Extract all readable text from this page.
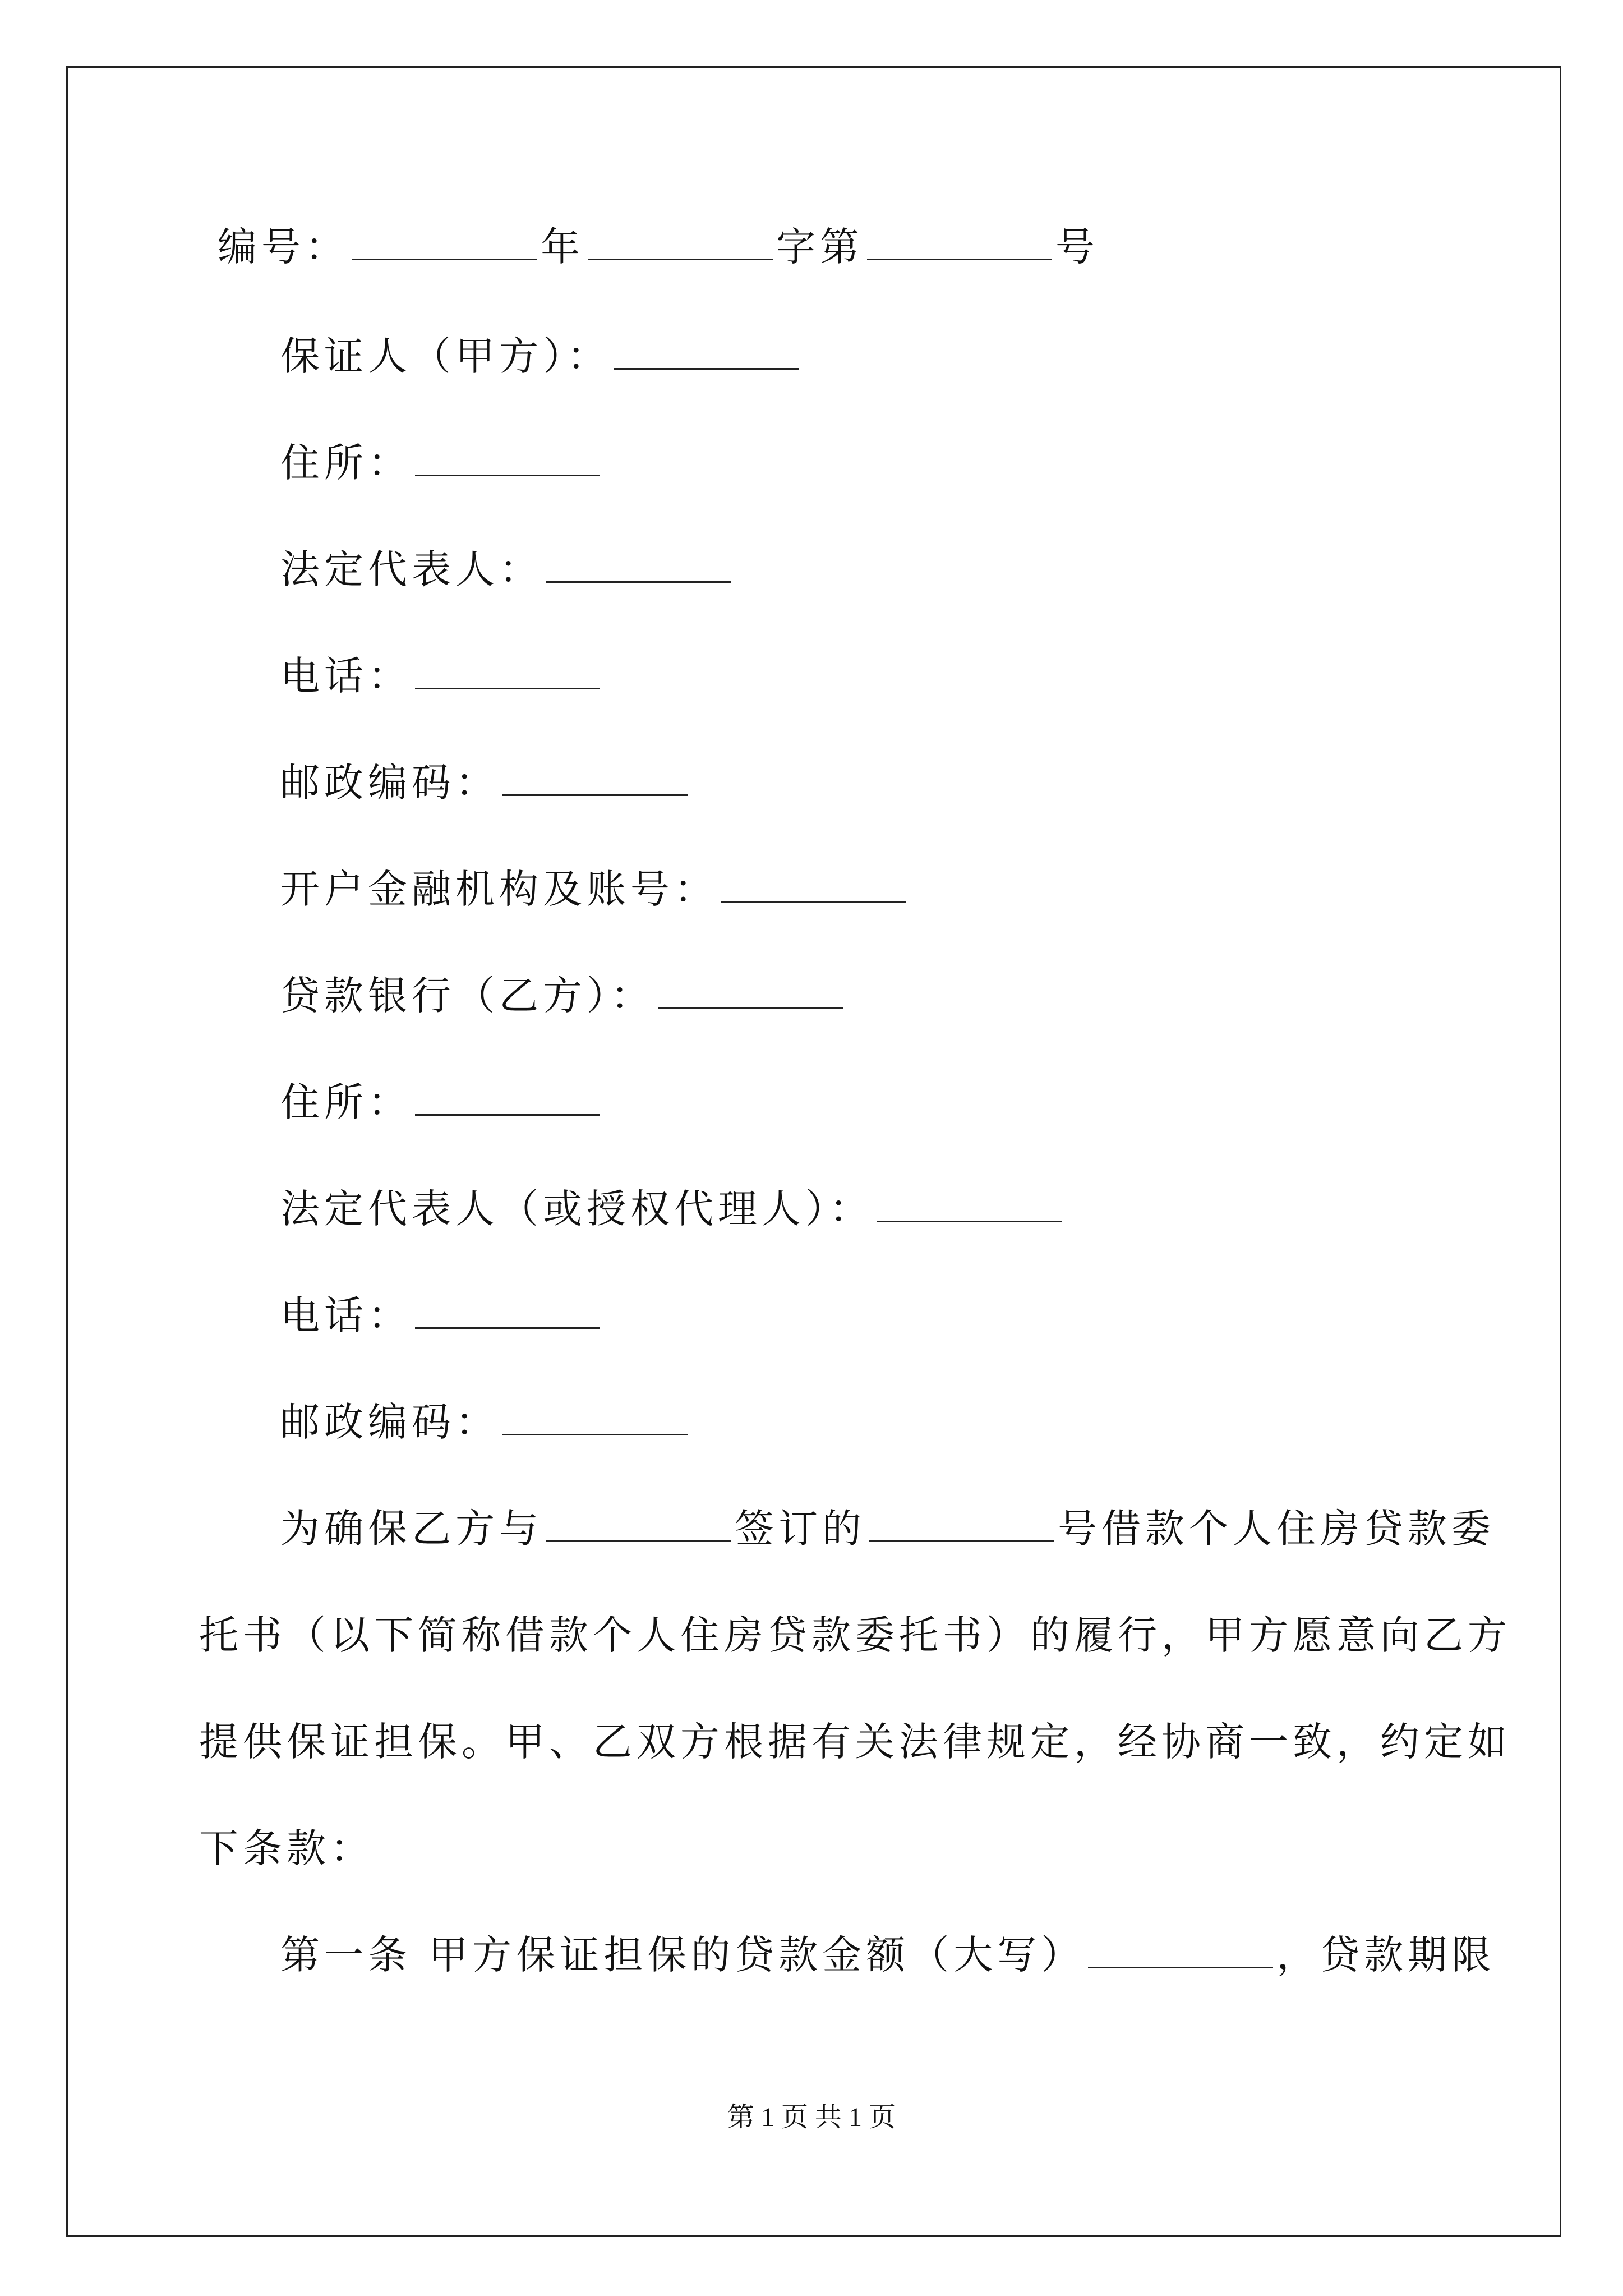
编号：	年	字第	号
保证人（甲方）：
住所：
法定代表人：
电话：
邮政编码：
开户金融机构及账号：
贷款银行（乙方）：
住所：
法定代表人（或授权代理人）：
电话：
邮政编码：
为确保乙方与	签订的	号借款个人住房贷款委
托书（以下简称借款个人住房贷款委托书）的履行，甲方愿意向乙方
提供保证担保。甲、乙双方根据有关法律规定，经协商一致，约定如
下条款：
第一条 甲方保证担保的贷款金额（大写）	，贷款期限
第 1 页 共 1 页
